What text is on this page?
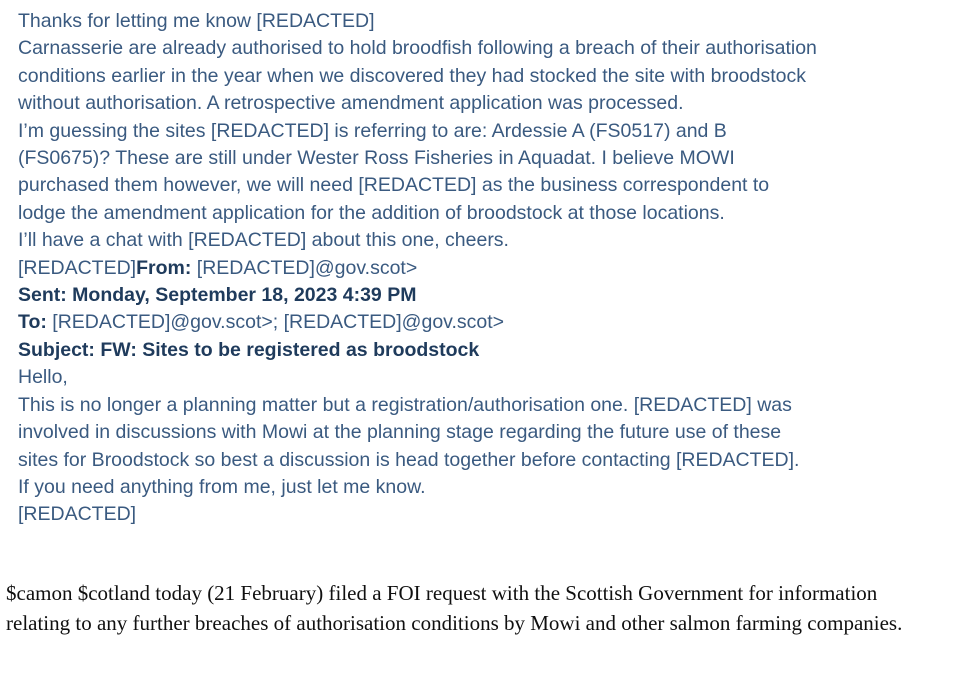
Thanks for letting me know [REDACTED]

Carnasserie are already authorised to hold broodfish following a breach of their authorisation

conditions earlier in the year when we discovered they had stocked the site with broodstock

without authorisation. A retrospective amendment application was processed.

I’m guessing the sites [REDACTED] is referring to are: Ardessie A (FS0517) and B

(FS0675)? These are still under Wester Ross Fisheries in Aquadat. I believe MOWI

purchased them however, we will need [REDACTED] as the business correspondent to

lodge the amendment application for the addition of broodstock at those locations.

I’ll have a chat with [REDACTED] about this one, cheers.

[REDACTED]From: [REDACTED]@gov.scot>

Sent: Monday, September 18, 2023 4:39 PM

To: [REDACTED]@gov.scot>; [REDACTED]@gov.scot>

Subject: FW: Sites to be registered as broodstock

Hello,

This is no longer a planning matter but a registration/authorisation one. [REDACTED] was

involved in discussions with Mowi at the planning stage regarding the future use of these

sites for Broodstock so best a discussion is head together before contacting [REDACTED].

If you need anything from me, just let me know.

[REDACTED]

$camon $cotland today (21 February) filed a FOI request with the Scottish Government for information relating to any further breaches of authorisation conditions by Mowi and other salmon farming companies.
